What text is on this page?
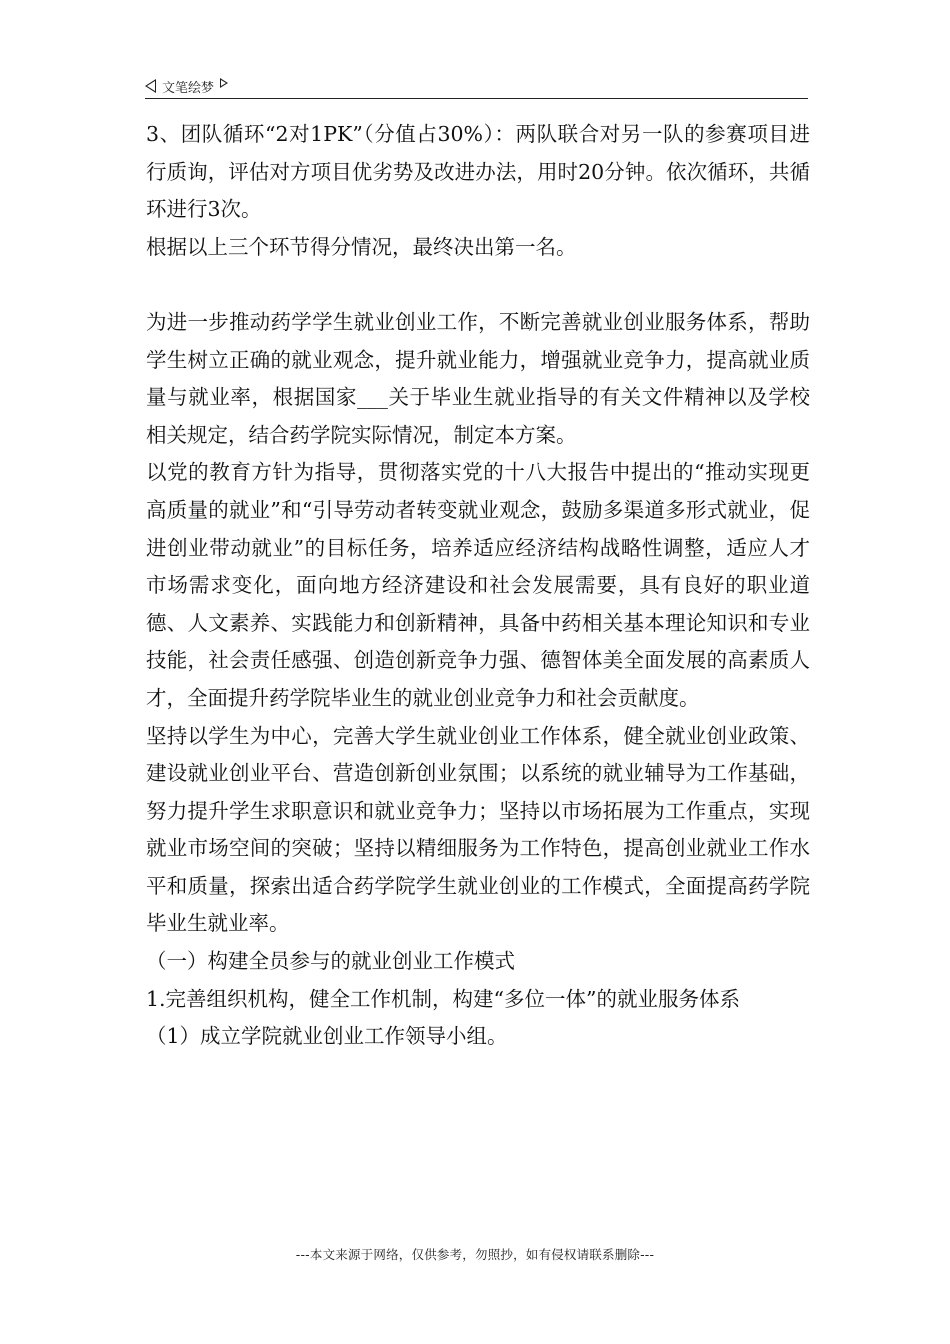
文笔绘梦

3、团队循环“2对1PK”（分值占30%）：两队联合对另一队的参赛项目进行质询，评估对方项目优劣势及改进办法，用时20分钟。依次循环，共循环进行3次。

根据以上三个环节得分情况，最终决出第一名。

为进一步推动药学学生就业创业工作，不断完善就业创业服务体系，帮助学生树立正确的就业观念，提升就业能力，增强就业竞争力，提高就业质量与就业率，根据国家___关于毕业生就业指导的有关文件精神以及学校相关规定，结合药学院实际情况，制定本方案。

以党的教育方针为指导，贯彻落实党的十八大报告中提出的“推动实现更高质量的就业”和“引导劳动者转变就业观念，鼓励多渠道多形式就业，促进创业带动就业”的目标任务，培养适应经济结构战略性调整，适应人才市场需求变化，面向地方经济建设和社会发展需要，具有良好的职业道德、人文素养、实践能力和创新精神，具备中药相关基本理论知识和专业技能，社会责任感强、创造创新竞争力强、德智体美全面发展的高素质人才，全面提升药学院毕业生的就业创业竞争力和社会贡献度。

坚持以学生为中心，完善大学生就业创业工作体系，健全就业创业政策、建设就业创业平台、营造创新创业氛围；以系统的就业辅导为工作基础，努力提升学生求职意识和就业竞争力；坚持以市场拓展为工作重点，实现就业市场空间的突破；坚持以精细服务为工作特色，提高创业就业工作水平和质量，探索出适合药学院学生就业创业的工作模式，全面提高药学院毕业生就业率。

（一）构建全员参与的就业创业工作模式

1.完善组织机构，健全工作机制，构建“多位一体”的就业服务体系

（1）成立学院就业创业工作领导小组。

---本文来源于网络，仅供参考，勿照抄，如有侵权请联系删除---
